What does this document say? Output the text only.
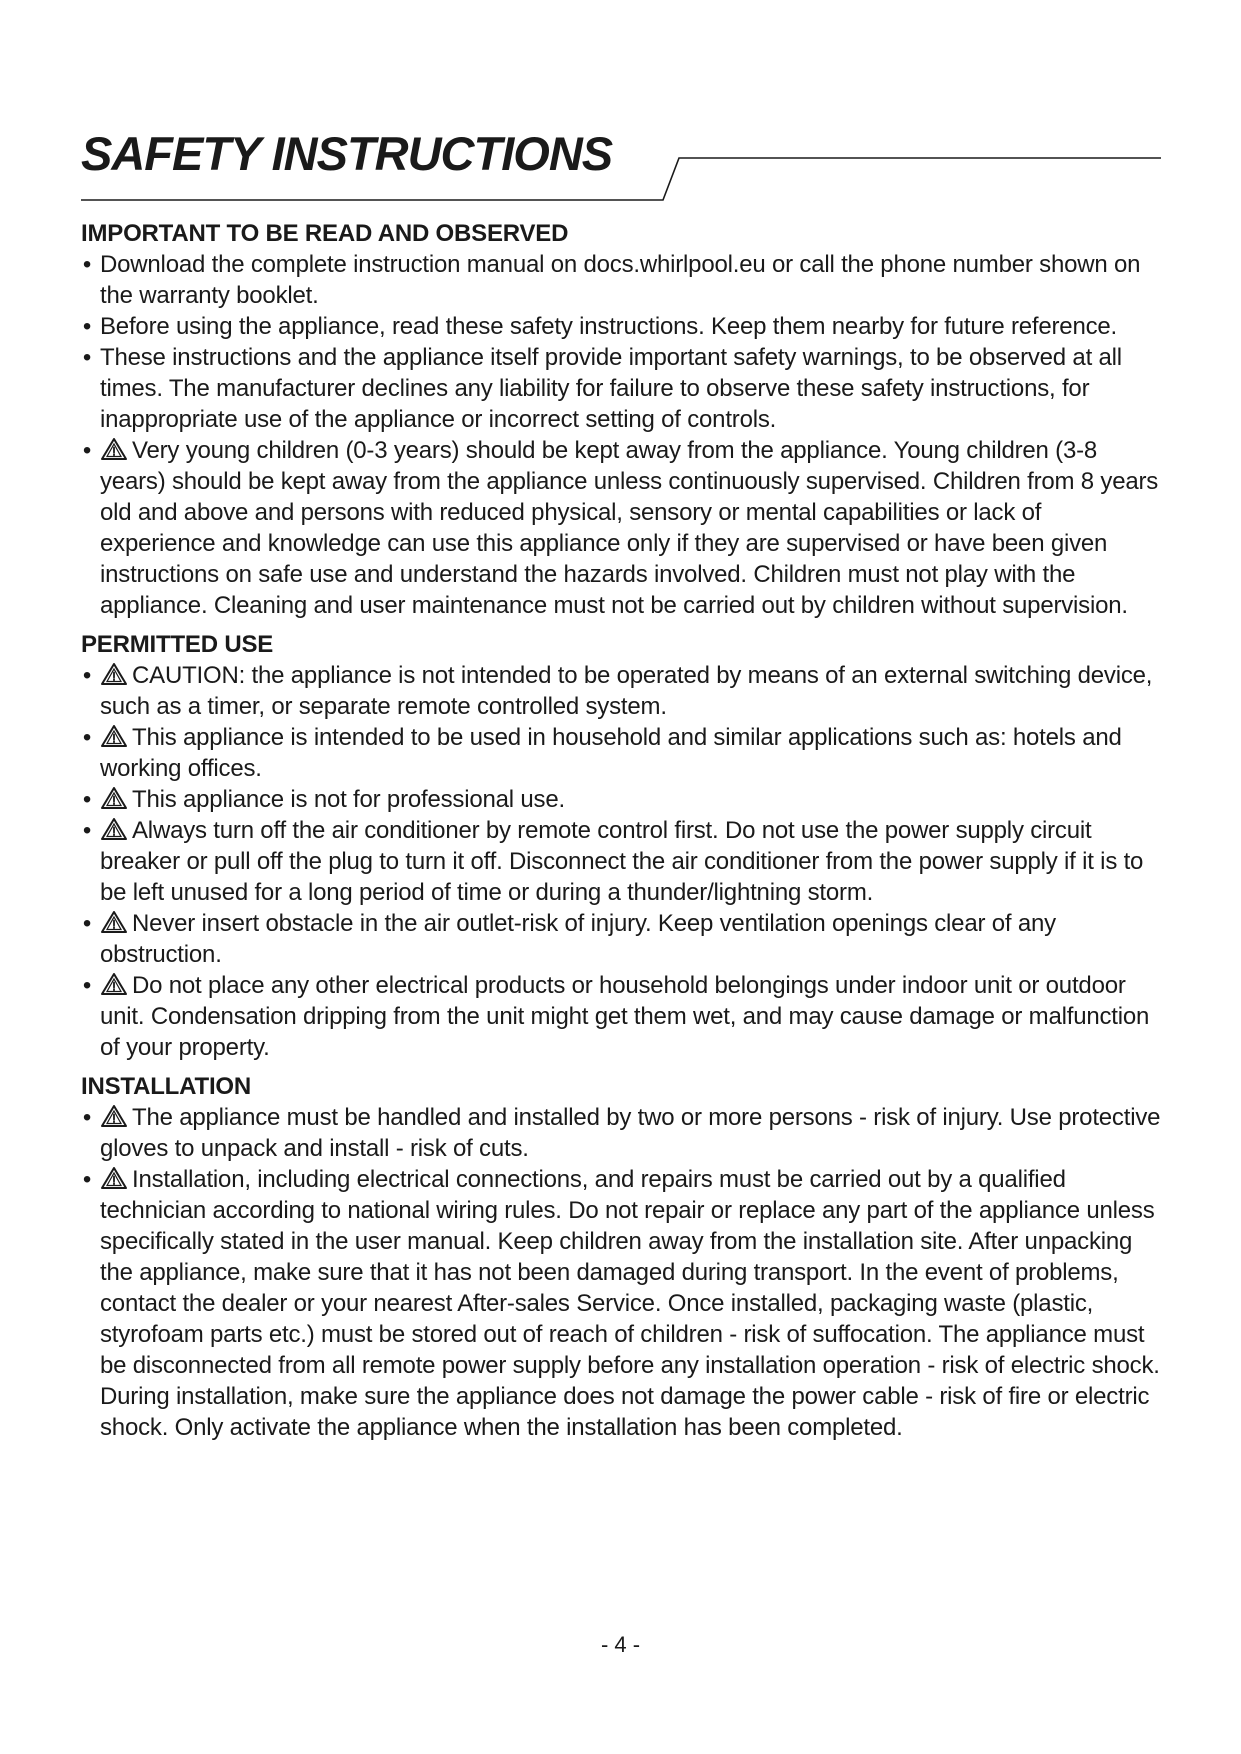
SAFETY INSTRUCTIONS
IMPORTANT TO BE READ AND OBSERVED
• Download the complete instruction manual on docs.whirlpool.eu or call the phone number shown on the warranty booklet.
• Before using the appliance, read these safety instructions. Keep them nearby for future reference.
• These instructions and the appliance itself provide important safety warnings, to be observed at all times. The manufacturer declines any liability for failure to observe these safety instructions, for inappropriate use of the appliance or incorrect setting of controls.
• Very young children (0-3 years) should be kept away from the appliance. Young children (3-8 years) should be kept away from the appliance unless continuously supervised. Children from 8 years old and above and persons with reduced physical, sensory or mental capabilities or lack of experience and knowledge can use this appliance only if they are supervised or have been given instructions on safe use and understand the hazards involved. Children must not play with the appliance. Cleaning and user maintenance must not be carried out by children without supervision.
PERMITTED USE
• CAUTION: the appliance is not intended to be operated by means of an external switching device, such as a timer, or separate remote controlled system.
• This appliance is intended to be used in household and similar applications such as: hotels and working offices.
• This appliance is not for professional use.
• Always turn off the air conditioner by remote control first. Do not use the power supply circuit breaker or pull off the plug to turn it off. Disconnect the air conditioner from the power supply if it is to be left unused for a long period of time or during a thunder/lightning storm.
• Never insert obstacle in the air outlet-risk of injury. Keep ventilation openings clear of any obstruction.
• Do not place any other electrical products or household belongings under indoor unit or outdoor unit. Condensation dripping from the unit might get them wet, and may cause damage or malfunction of your property.
INSTALLATION
• The appliance must be handled and installed by two or more persons - risk of injury. Use protective gloves to unpack and install - risk of cuts.
• Installation, including electrical connections, and repairs must be carried out by a qualified technician according to national wiring rules. Do not repair or replace any part of the appliance unless specifically stated in the user manual. Keep children away from the installation site. After unpacking the appliance, make sure that it has not been damaged during transport. In the event of problems, contact the dealer or your nearest After-sales Service. Once installed, packaging waste (plastic, styrofoam parts etc.) must be stored out of reach of children - risk of suffocation. The appliance must be disconnected from all remote power supply before any installation operation - risk of electric shock. During installation, make sure the appliance does not damage the power cable - risk of fire or electric shock. Only activate the appliance when the installation has been completed.
- 4 -
